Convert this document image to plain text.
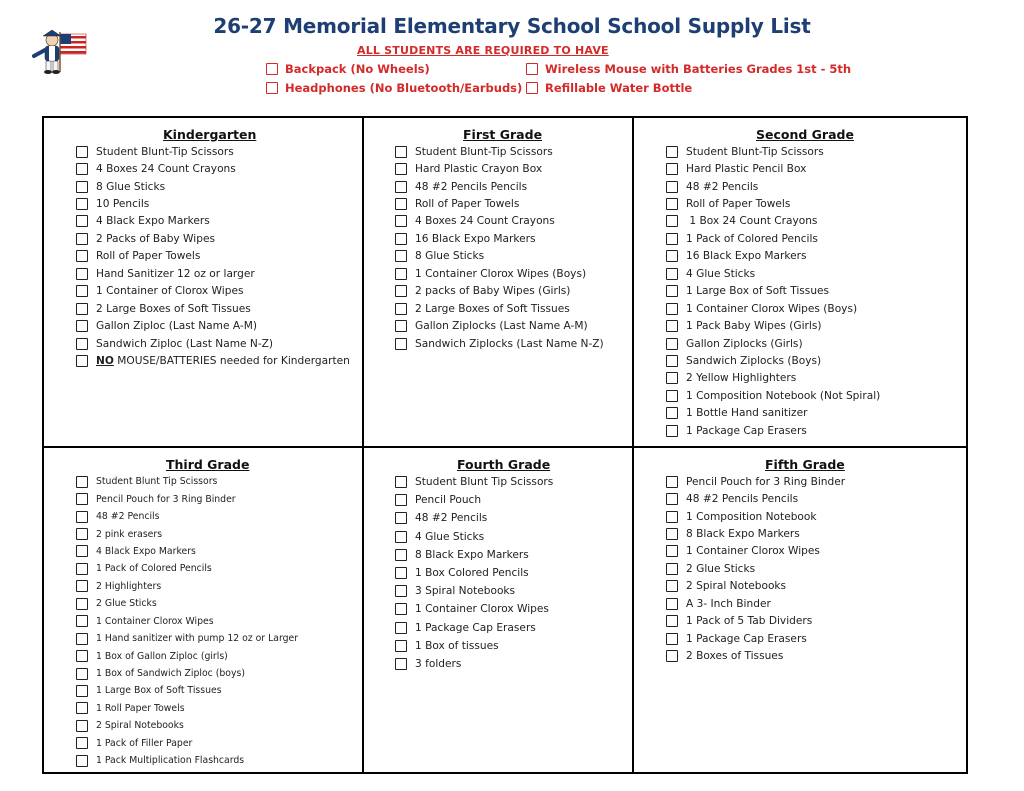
26-27 Memorial Elementary School School Supply List
ALL STUDENTS ARE REQUIRED TO HAVE
Backpack (No Wheels)	Wireless Mouse with Batteries Grades 1st - 5th
Headphones (No Bluetooth/Earbuds) Refillable Water Bottle
Kindergarten
Student Blunt-Tip Scissors
4 Boxes 24 Count Crayons
8 Glue Sticks
10 Pencils
4 Black Expo Markers
2 Packs of Baby Wipes
Roll of Paper Towels
Hand Sanitizer 12 oz or larger
1 Container of Clorox Wipes
2 Large Boxes of Soft Tissues
Gallon Ziploc (Last Name A-M)
Sandwich Ziploc (Last Name N-Z)
NO MOUSE/BATTERIES needed for Kindergarten
First Grade
Student Blunt-Tip Scissors
Hard Plastic Crayon Box
48 #2 Pencils Pencils
Roll of Paper Towels
4 Boxes 24 Count Crayons
16 Black Expo Markers
8 Glue Sticks
1 Container Clorox Wipes (Boys)
2 packs of Baby Wipes (Girls)
2 Large Boxes of Soft Tissues
Gallon Ziplocks (Last Name A-M)
Sandwich Ziplocks (Last Name N-Z)
Second Grade
Student Blunt-Tip Scissors
Hard Plastic Pencil Box
48 #2 Pencils
Roll of Paper Towels
1 Box 24 Count Crayons
1 Pack of Colored Pencils
16 Black Expo Markers
4 Glue Sticks
1 Large Box of Soft Tissues
1 Container Clorox Wipes (Boys)
1 Pack Baby Wipes (Girls)
Gallon Ziplocks (Girls)
Sandwich Ziplocks (Boys)
2 Yellow Highlighters
1 Composition Notebook (Not Spiral)
1 Bottle Hand sanitizer
1 Package Cap Erasers
Third Grade
Student Blunt Tip Scissors
Pencil Pouch for 3 Ring Binder
48 #2 Pencils
2 pink erasers
4 Black Expo Markers
1 Pack of Colored Pencils
2 Highlighters
2 Glue Sticks
1 Container Clorox Wipes
1 Hand sanitizer with pump 12 oz or Larger
1 Box of Gallon Ziploc (girls)
1 Box of Sandwich Ziploc (boys)
1 Large Box of Soft Tissues
1 Roll Paper Towels
2 Spiral Notebooks
1 Pack of Filler Paper
1 Pack Multiplication Flashcards
Fourth Grade
Student Blunt Tip Scissors
Pencil Pouch
48 #2 Pencils
4 Glue Sticks
8 Black Expo Markers
1 Box Colored Pencils
3 Spiral Notebooks
1 Container Clorox Wipes
1 Package Cap Erasers
1 Box of tissues
3 folders
Fifth Grade
Pencil Pouch for 3 Ring Binder
48 #2 Pencils Pencils
1 Composition Notebook
8 Black Expo Markers
1 Container Clorox Wipes
2 Glue Sticks
2 Spiral Notebooks
A 3- Inch Binder
1 Pack of 5 Tab Dividers
1 Package Cap Erasers
2 Boxes of Tissues
